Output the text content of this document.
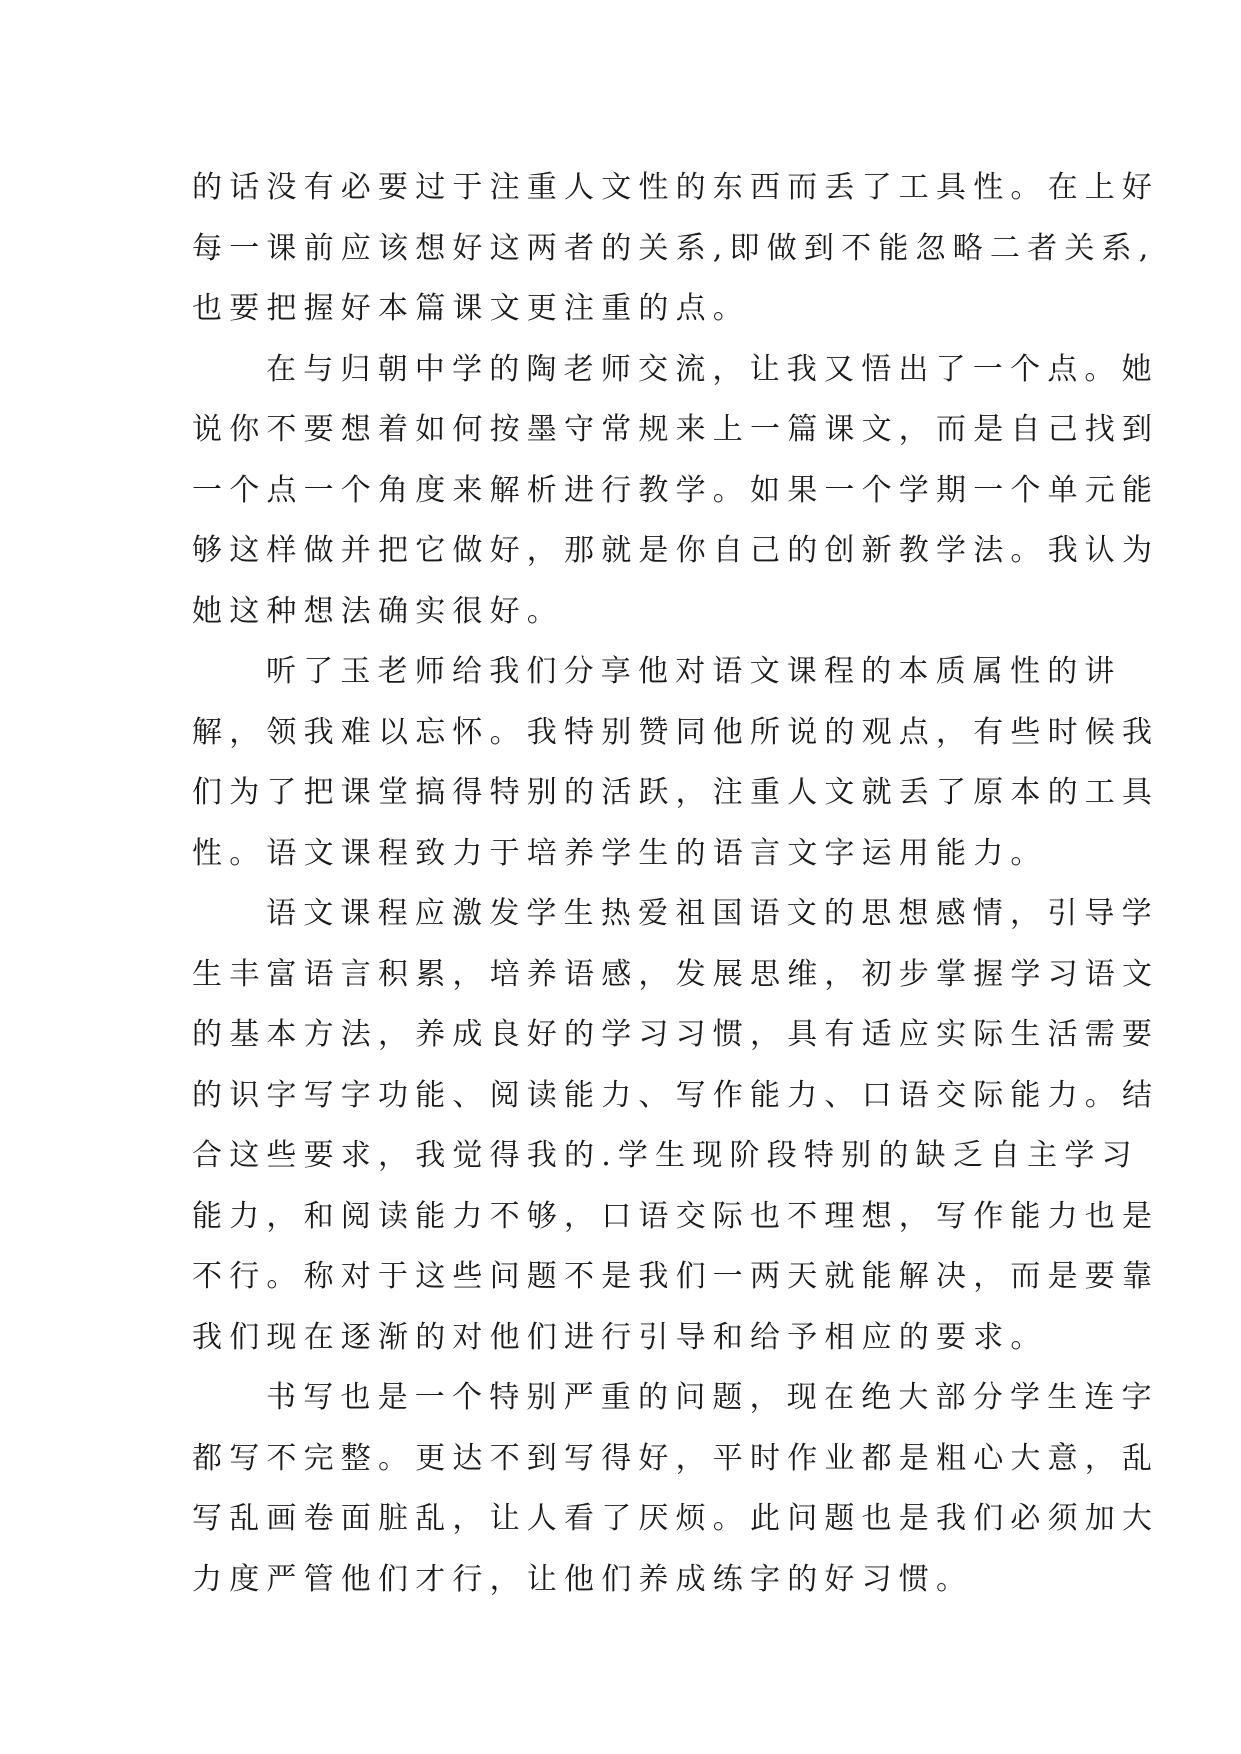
的话没有必要过于注重人文性的东西而丢了工具性。在上好
每一课前应该想好这两者的关系,即做到不能忽略二者关系,
也要把握好本篇课文更注重的点。
在与归朝中学的陶老师交流，让我又悟出了一个点。她
说你不要想着如何按墨守常规来上一篇课文，而是自己找到
一个点一个角度来解析进行教学。如果一个学期一个单元能
够这样做并把它做好，那就是你自己的创新教学法。我认为
她这种想法确实很好。
听了玉老师给我们分享他对语文课程的本质属性的讲
解，领我难以忘怀。我特别赞同他所说的观点，有些时候我
们为了把课堂搞得特别的活跃，注重人文就丢了原本的工具
性。语文课程致力于培养学生的语言文字运用能力。
语文课程应激发学生热爱祖国语文的思想感情，引导学
生丰富语言积累，培养语感，发展思维，初步掌握学习语文
的基本方法，养成良好的学习习惯，具有适应实际生活需要
的识字写字功能、阅读能力、写作能力、口语交际能力。结
合这些要求，我觉得我的.学生现阶段特别的缺乏自主学习
能力，和阅读能力不够，口语交际也不理想，写作能力也是
不行。称对于这些问题不是我们一两天就能解决，而是要靠
我们现在逐渐的对他们进行引导和给予相应的要求。
书写也是一个特别严重的问题，现在绝大部分学生连字
都写不完整。更达不到写得好，平时作业都是粗心大意，乱
写乱画卷面脏乱，让人看了厌烦。此问题也是我们必须加大
力度严管他们才行，让他们养成练字的好习惯。
